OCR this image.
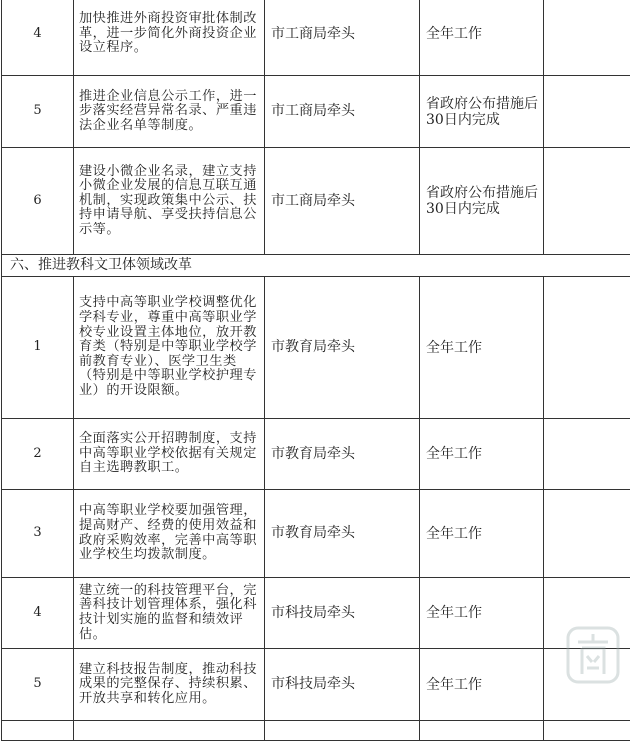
4	加快推进外商投资审批体制改革，进一步简化外商投资企业设立程序。	市工商局牵头	全年工作	
5	推进企业信息公示工作，进一步落实经营异常名录、严重违法企业名单等制度。	市工商局牵头	省政府公布措施后30日内完成	
6	建设小微企业名录，建立支持小微企业发展的信息互联互通机制，实现政策集中公示、扶持申请导航、享受扶持信息公示等。	市工商局牵头	省政府公布措施后30日内完成	
六、推进教科文卫体领域改革				
1	支持中高等职业学校调整优化学科专业，尊重中高等职业学校专业设置主体地位，放开教育类（特别是中等职业学校学前教育专业）、医学卫生类（特别是中等职业学校护理专业）的开设限额。	市教育局牵头	全年工作	
2	全面落实公开招聘制度，支持中高等职业学校依据有关规定自主选聘教职工。	市教育局牵头	全年工作	
3	中高等职业学校要加强管理，提高财产、经费的使用效益和政府采购效率，完善中高等职业学校生均拨款制度。	市教育局牵头	全年工作	
4	建立统一的科技管理平台，完善科技计划管理体系，强化科技计划实施的监督和绩效评估。	市科技局牵头	全年工作	
5	建立科技报告制度，推动科技成果的完整保存、持续积累、开放共享和转化应用。	市科技局牵头	全年工作	
